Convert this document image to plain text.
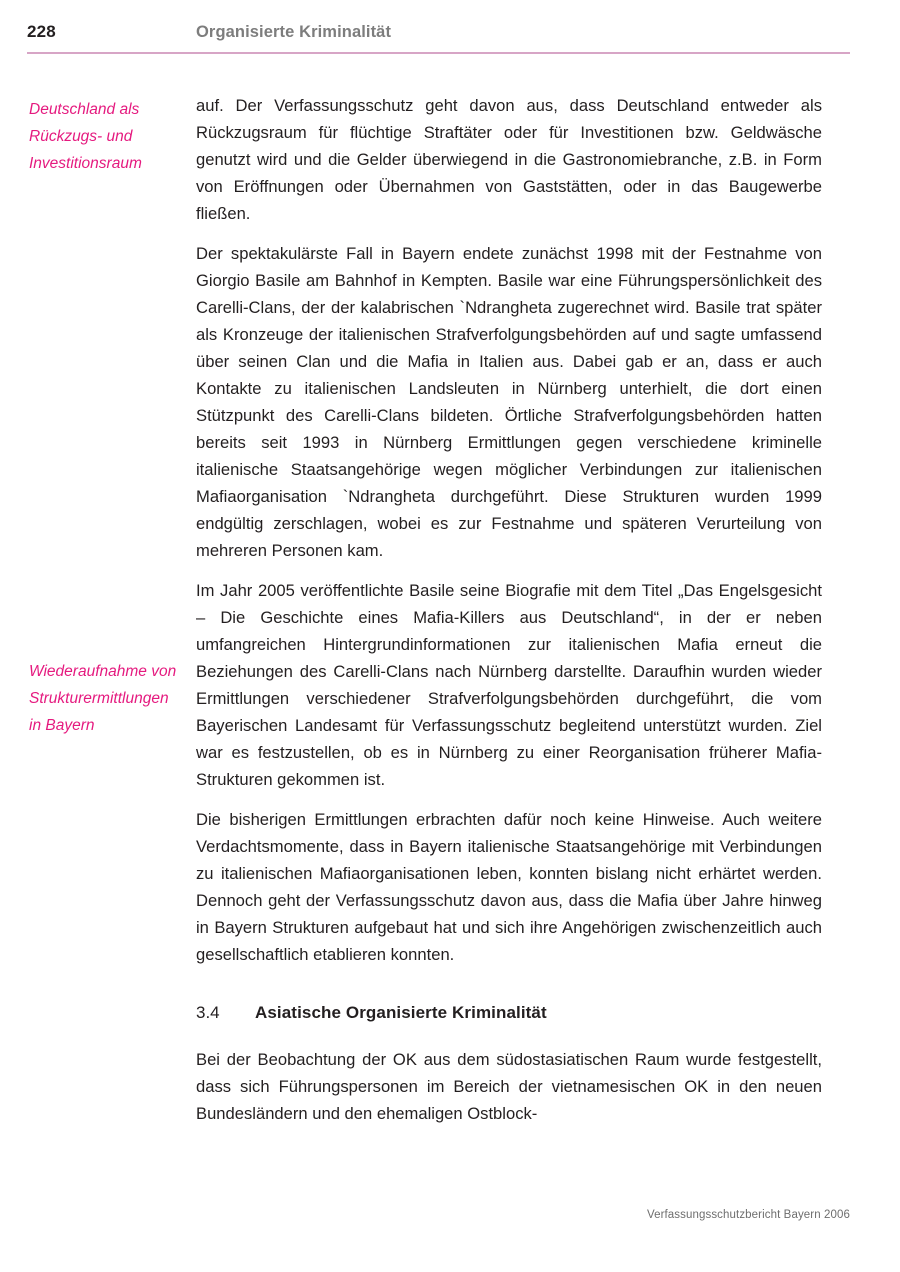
228	Organisierte Kriminalität
Deutschland als Rückzugs- und Investitionsraum

auf. Der Verfassungsschutz geht davon aus, dass Deutschland entweder als Rückzugsraum für flüchtige Straftäter oder für Investitionen bzw. Geldwäsche genutzt wird und die Gelder überwiegend in die Gastronomiebranche, z.B. in Form von Eröffnungen oder Übernahmen von Gaststätten, oder in das Baugewerbe fließen.

Der spektakulärste Fall in Bayern endete zunächst 1998 mit der Festnahme von Giorgio Basile am Bahnhof in Kempten. Basile war eine Führungspersönlichkeit des Carelli-Clans, der der kalabrischen `Ndrangheta zugerechnet wird. Basile trat später als Kronzeuge der italienischen Strafverfolgungsbehörden auf und sagte umfassend über seinen Clan und die Mafia in Italien aus. Dabei gab er an, dass er auch Kontakte zu italienischen Landsleuten in Nürnberg unterhielt, die dort einen Stützpunkt des Carelli-Clans bildeten. Örtliche Strafverfolgungsbehörden hatten bereits seit 1993 in Nürnberg Ermittlungen gegen verschiedene kriminelle italienische Staatsangehörige wegen möglicher Verbindungen zur italienischen Mafiaorganisation `Ndrangheta durchgeführt. Diese Strukturen wurden 1999 endgültig zerschlagen, wobei es zur Festnahme und späteren Verurteilung von mehreren Personen kam.

Wiederaufnahme von Strukturermittlungen in Bayern

Im Jahr 2005 veröffentlichte Basile seine Biografie mit dem Titel „Das Engelsgesicht – Die Geschichte eines Mafia-Killers aus Deutschland“, in der er neben umfangreichen Hintergrundinformationen zur italienischen Mafia erneut die Beziehungen des Carelli-Clans nach Nürnberg darstellte. Daraufhin wurden wieder Ermittlungen verschiedener Strafverfolgungsbehörden durchgeführt, die vom Bayerischen Landesamt für Verfassungsschutz begleitend unterstützt wurden. Ziel war es festzustellen, ob es in Nürnberg zu einer Reorganisation früherer Mafia-Strukturen gekommen ist.

Die bisherigen Ermittlungen erbrachten dafür noch keine Hinweise. Auch weitere Verdachtsmomente, dass in Bayern italienische Staatsangehörige mit Verbindungen zu italienischen Mafiaorganisationen leben, konnten bislang nicht erhärtet werden. Dennoch geht der Verfassungsschutz davon aus, dass die Mafia über Jahre hinweg in Bayern Strukturen aufgebaut hat und sich ihre Angehörigen zwischenzeitlich auch gesellschaftlich etablieren konnten.

3.4	Asiatische Organisierte Kriminalität

Bei der Beobachtung der OK aus dem südostasiatischen Raum wurde festgestellt, dass sich Führungspersonen im Bereich der vietnamesischen OK in den neuen Bundesländern und den ehemaligen Ostblock-

Verfassungsschutzbericht Bayern 2006
